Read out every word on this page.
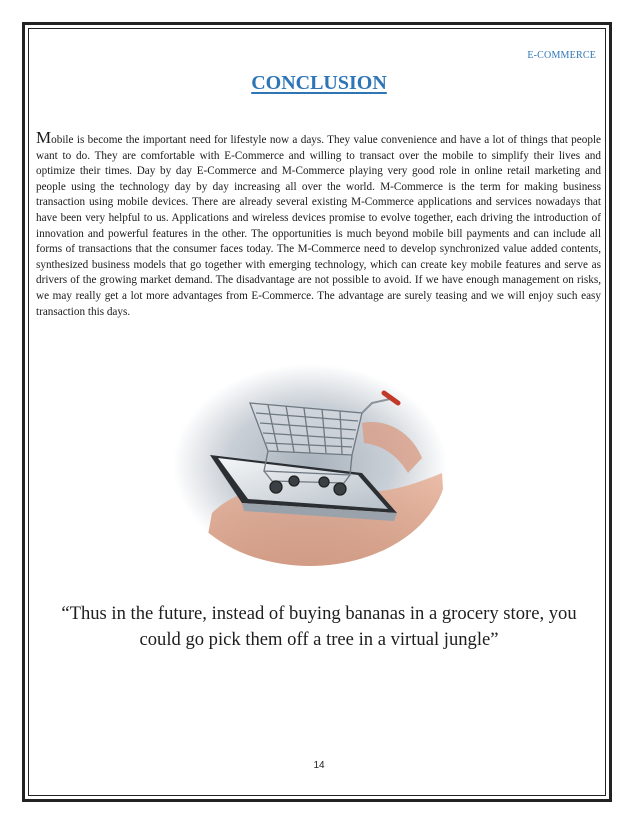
E-COMMERCE
CONCLUSION
Mobile is become the important need for lifestyle now a days. They value convenience and have a lot of things that people want to do. They are comfortable with E-Commerce and willing to transact over the mobile to simplify their lives and optimize their times. Day by day E-Commerce and M-Commerce playing very good role in online retail marketing and people using the technology day by day increasing all over the world. M-Commerce is the term for making business transaction using mobile devices. There are already several existing M-Commerce applications and services nowadays that have been very helpful to us. Applications and wireless devices promise to evolve together, each driving the introduction of innovation and powerful features in the other. The opportunities is much beyond mobile bill payments and can include all forms of transactions that the consumer faces today. The M-Commerce need to develop synchronized value added contents, synthesized business models that go together with emerging technology, which can create key mobile features and serve as drivers of the growing market demand. The disadvantage are not possible to avoid. If we have enough management on risks, we may really get a lot more advantages from E-Commerce. The advantage are surely teasing and we will enjoy such easy transaction this days.
“Thus in the future, instead of buying bananas in a grocery store, you could go pick them off a tree in a virtual jungle”
14
